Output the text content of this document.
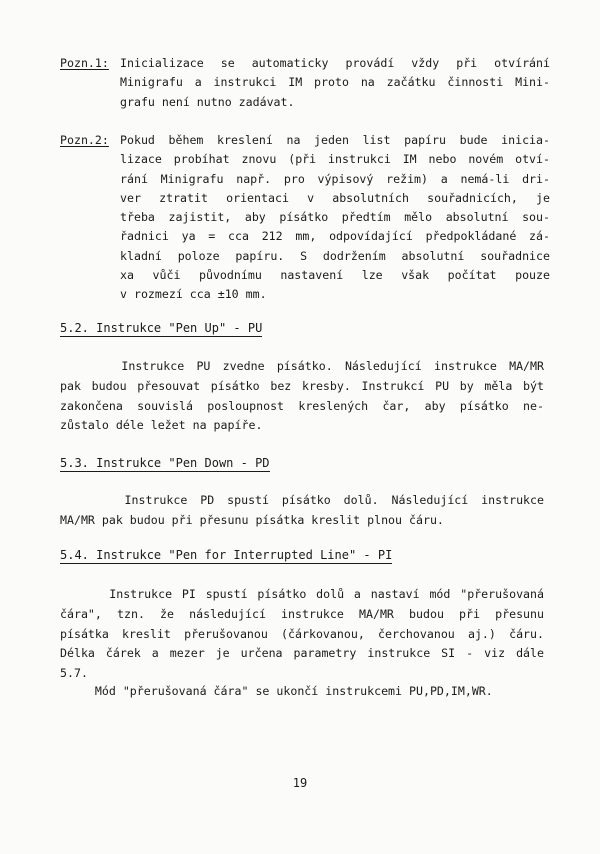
Pozn.1: Inicializace se automaticky provádí vždy při otvírání
Minigrafu a instrukci IM proto na začátku činnosti Mini-
grafu není nutno zadávat.
Pozn.2: Pokud během kreslení na jeden list papíru bude inicia-
lizace probíhat znovu (při instrukci IM nebo novém otví-
rání Minigrafu např. pro výpisový režim) a nemá-li dri-
ver ztratit orientaci v absolutních souřadnicích, je
třeba zajistit, aby písátko předtím mělo absolutní sou-
řadnici ya = cca 212 mm, odpovídající předpokládané zá-
kladní poloze papíru. S dodržením absolutní souřadnice
xa vůči původnímu nastavení lze však počítat pouze
v rozmezí cca ±10 mm.
5.2. Instrukce "Pen Up" - PU
Instrukce PU zvedne písátko. Následující instrukce MA/MR
pak budou přesouvat písátko bez kresby. Instrukcí PU by měla být
zakončena souvislá posloupnost kreslených čar, aby písátko ne-
zůstalo déle ležet na papíře.
5.3. Instrukce "Pen Down - PD
Instrukce PD spustí písátko dolů. Následující instrukce
MA/MR pak budou při přesunu písátka kreslit plnou čáru.
5.4. Instrukce "Pen for Interrupted Line" - PI
Instrukce PI spustí písátko dolů a nastaví mód "přerušovaná
čára", tzn. že následující instrukce MA/MR budou při přesunu
písátka kreslit přerušovanou (čárkovanou, čerchovanou aj.) čáru.
Délka čárek a mezer je určena parametry instrukce SI - viz dále
5.7.
Mód "přerušovaná čára" se ukončí instrukcemi PU,PD,IM,WR.
19
